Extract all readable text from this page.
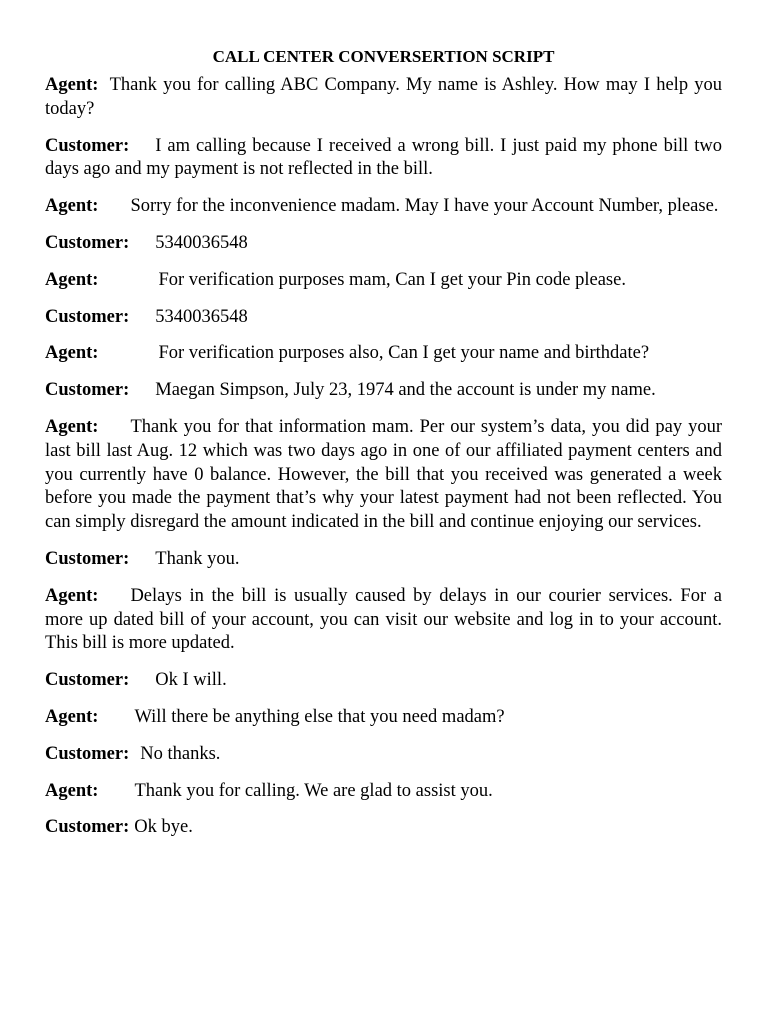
CALL CENTER CONVERSERTION SCRIPT

Agent: Thank you for calling ABC Company. My name is Ashley. How may I help you today?

Customer: I am calling because I received a wrong bill. I just paid my phone bill two days ago and my payment is not reflected in the bill.

Agent: Sorry for the inconvenience madam. May I have your Account Number, please.

Customer: 5340036548

Agent:	For verification purposes mam, Can I get your Pin code please.

Customer: 5340036548

Agent:	For verification purposes also, Can I get your name and birthdate?

Customer: Maegan Simpson, July 23, 1974 and the account is under my name.

Agent: Thank you for that information mam. Per our system’s data, you did pay your last bill last Aug. 12 which was two days ago in one of our affiliated payment centers and you currently have 0 balance. However, the bill that you received was generated a week before you made the payment that’s why your latest payment had not been reflected. You can simply disregard the amount indicated in the bill and continue enjoying our services.

Customer: Thank you.

Agent: Delays in the bill is usually caused by delays in our courier services. For a more up dated bill of your account, you can visit our website and log in to your account. This bill is more updated.

Customer: Ok I will.

Agent: Will there be anything else that you need madam?

Customer: No thanks.

Agent: Thank you for calling. We are glad to assist you.

Customer: Ok bye.
